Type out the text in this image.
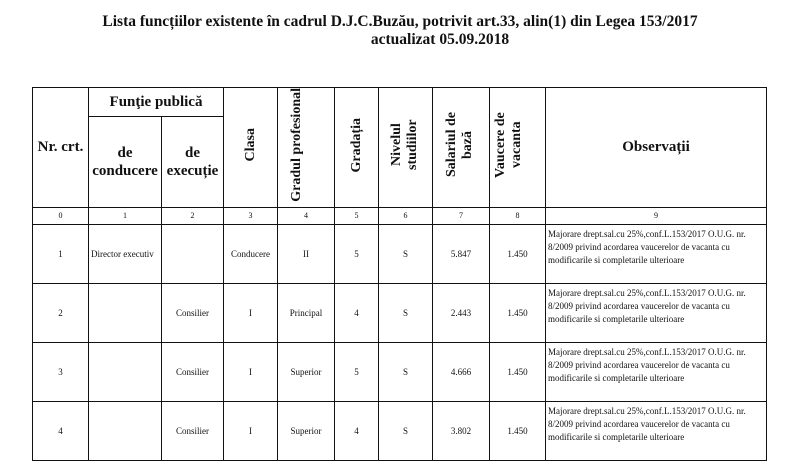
Lista funcțiilor existente în cadrul D.J.C.Buzău, potrivit art.33, alin(1) din Legea 153/2017
actualizat 05.09.2018
Nr. crt.	Funţie publică		Clasa	Gradul profesional	Gradația	Nivelul studiilor	Salariul de bază	Vaucere de vacanta	Observații
	de conducere	de execuție							
0	1	2	3	4	5	6	7	8	9
1	Director executiv		Conducere	II	5	S	5.847	1.450	Majorare drept.sal.cu 25%,conf.L.153/2017 O.U.G. nr. 8/2009 privind acordarea vaucerelor de vacanta cu modificarile si completarile ulterioare
2		Consilier	I	Principal	4	S	2.443	1.450	Majorare drept.sal.cu 25%,conf.L.153/2017 O.U.G. nr. 8/2009 privind acordarea vaucerelor de vacanta cu modificarile si completarile ulterioare
3		Consilier	I	Superior	5	S	4.666	1.450	Majorare drept.sal.cu 25%,conf.L.153/2017 O.U.G. nr. 8/2009 privind acordarea vaucerelor de vacanta cu modificarile si completarile ulterioare
4		Consilier	I	Superior	4	S	3.802	1.450	Majorare drept.sal.cu 25%,conf.L.153/2017 O.U.G. nr. 8/2009 privind acordarea vaucerelor de vacanta cu modificarile si completarile ulterioare
